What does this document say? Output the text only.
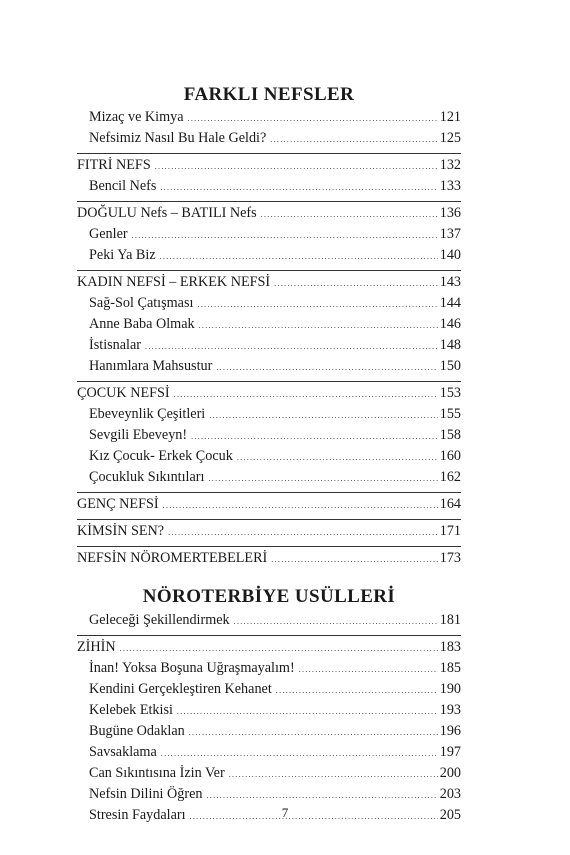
FARKLI NEFSLER
Mizaç ve Kimya .....	121
Nefsimiz Nasıl Bu Hale Geldi? .....	125
FITRİ NEFS .....	132
Bencil Nefs .....	133
DOĞULU Nefs – BATILI Nefs .....	136
Genler .....	137
Peki Ya Biz .....	140
KADIN NEFSİ – ERKEK NEFSİ .....	143
Sağ-Sol Çatışması .....	144
Anne Baba Olmak .....	146
İstisnalar .....	148
Hanımlara Mahsustur .....	150
ÇOCUK NEFSİ .....	153
Ebeveynlik Çeşitleri .....	155
Sevgili Ebeveyn! .....	158
Kız Çocuk- Erkek Çocuk .....	160
Çocukluk Sıkıntıları .....	162
GENÇ NEFSİ .....	164
KİMSİN SEN? .....	171
NEFSİN NÖROMERTEBELERİ .....	173
NÖROTERBİYE USÜLLERİ
Geleceği Şekillendirmek .....	181
ZİHİN .....	183
İnan! Yoksa Boşuna Uğraşmayalım! .....	185
Kendini Gerçekleştiren Kehanet .....	190
Kelebek Etkisi .....	193
Bugüne Odaklan .....	196
Savsaklama .....	197
Can Sıkıntısına İzin Ver .....	200
Nefsin Dilini Öğren .....	203
Stresin Faydaları .....	205
7
